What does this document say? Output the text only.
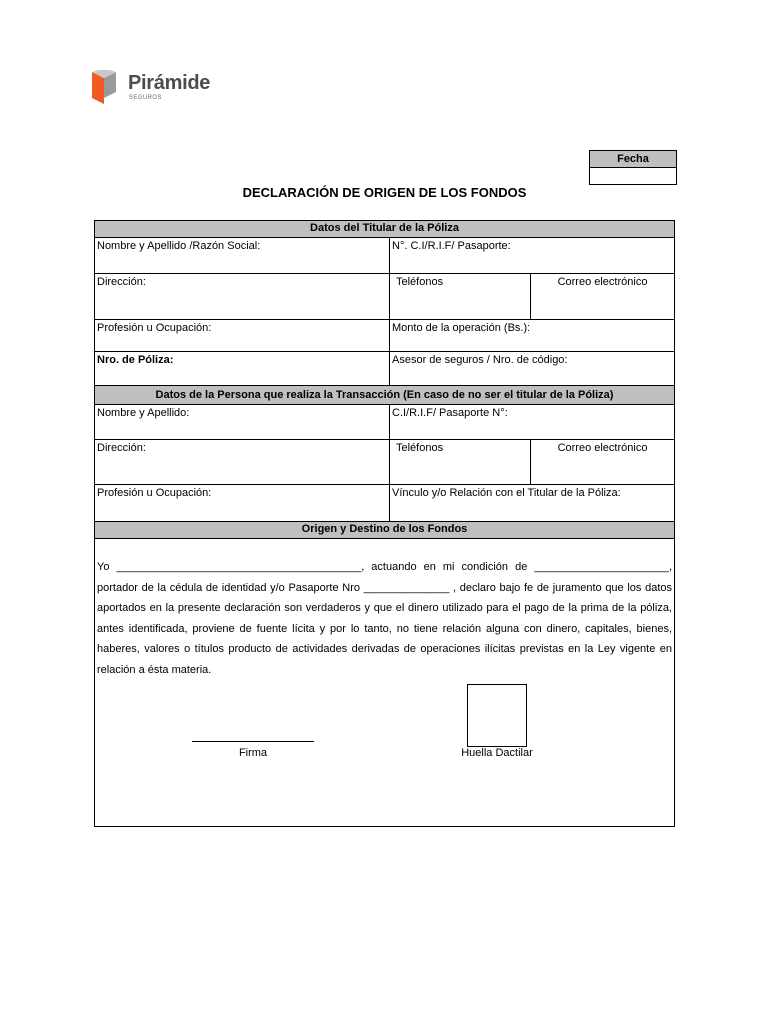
Pirámide
SEGUROS
Fecha
DECLARACIÓN DE ORIGEN DE LOS FONDOS
Datos del Titular de la Póliza
Nombre y Apellido /Razón Social:	N°. C.I/R.I.F/ Pasaporte:
Dirección:	Teléfonos	Correo electrónico
Profesión u Ocupación:	Monto de la operación (Bs.):
Nro. de Póliza:	Asesor de seguros / Nro. de código:
Datos de la Persona que realiza la Transacción (En caso de no ser el titular de la Póliza)
Nombre y Apellido:	C.I/R.I.F/ Pasaporte N°:
Dirección:	Teléfonos	Correo electrónico
Profesión u Ocupación:	Vínculo y/o Relación con el Titular de la Póliza:
Origen y Destino de los Fondos
Yo ________________________________________, actuando en mi condición de ______________________, portador de la cédula de identidad y/o Pasaporte Nro ______________ , declaro bajo fe de juramento que los datos aportados en la presente declaración son verdaderos y que el dinero utilizado para el pago de la prima de la póliza, antes identificada, proviene de fuente lícita y por lo tanto, no tiene relación alguna con dinero, capitales, bienes, haberes, valores o títulos producto de actividades derivadas de operaciones ilícitas previstas en la Ley vigente en relación a ésta materia.
Firma	Huella Dactilar
